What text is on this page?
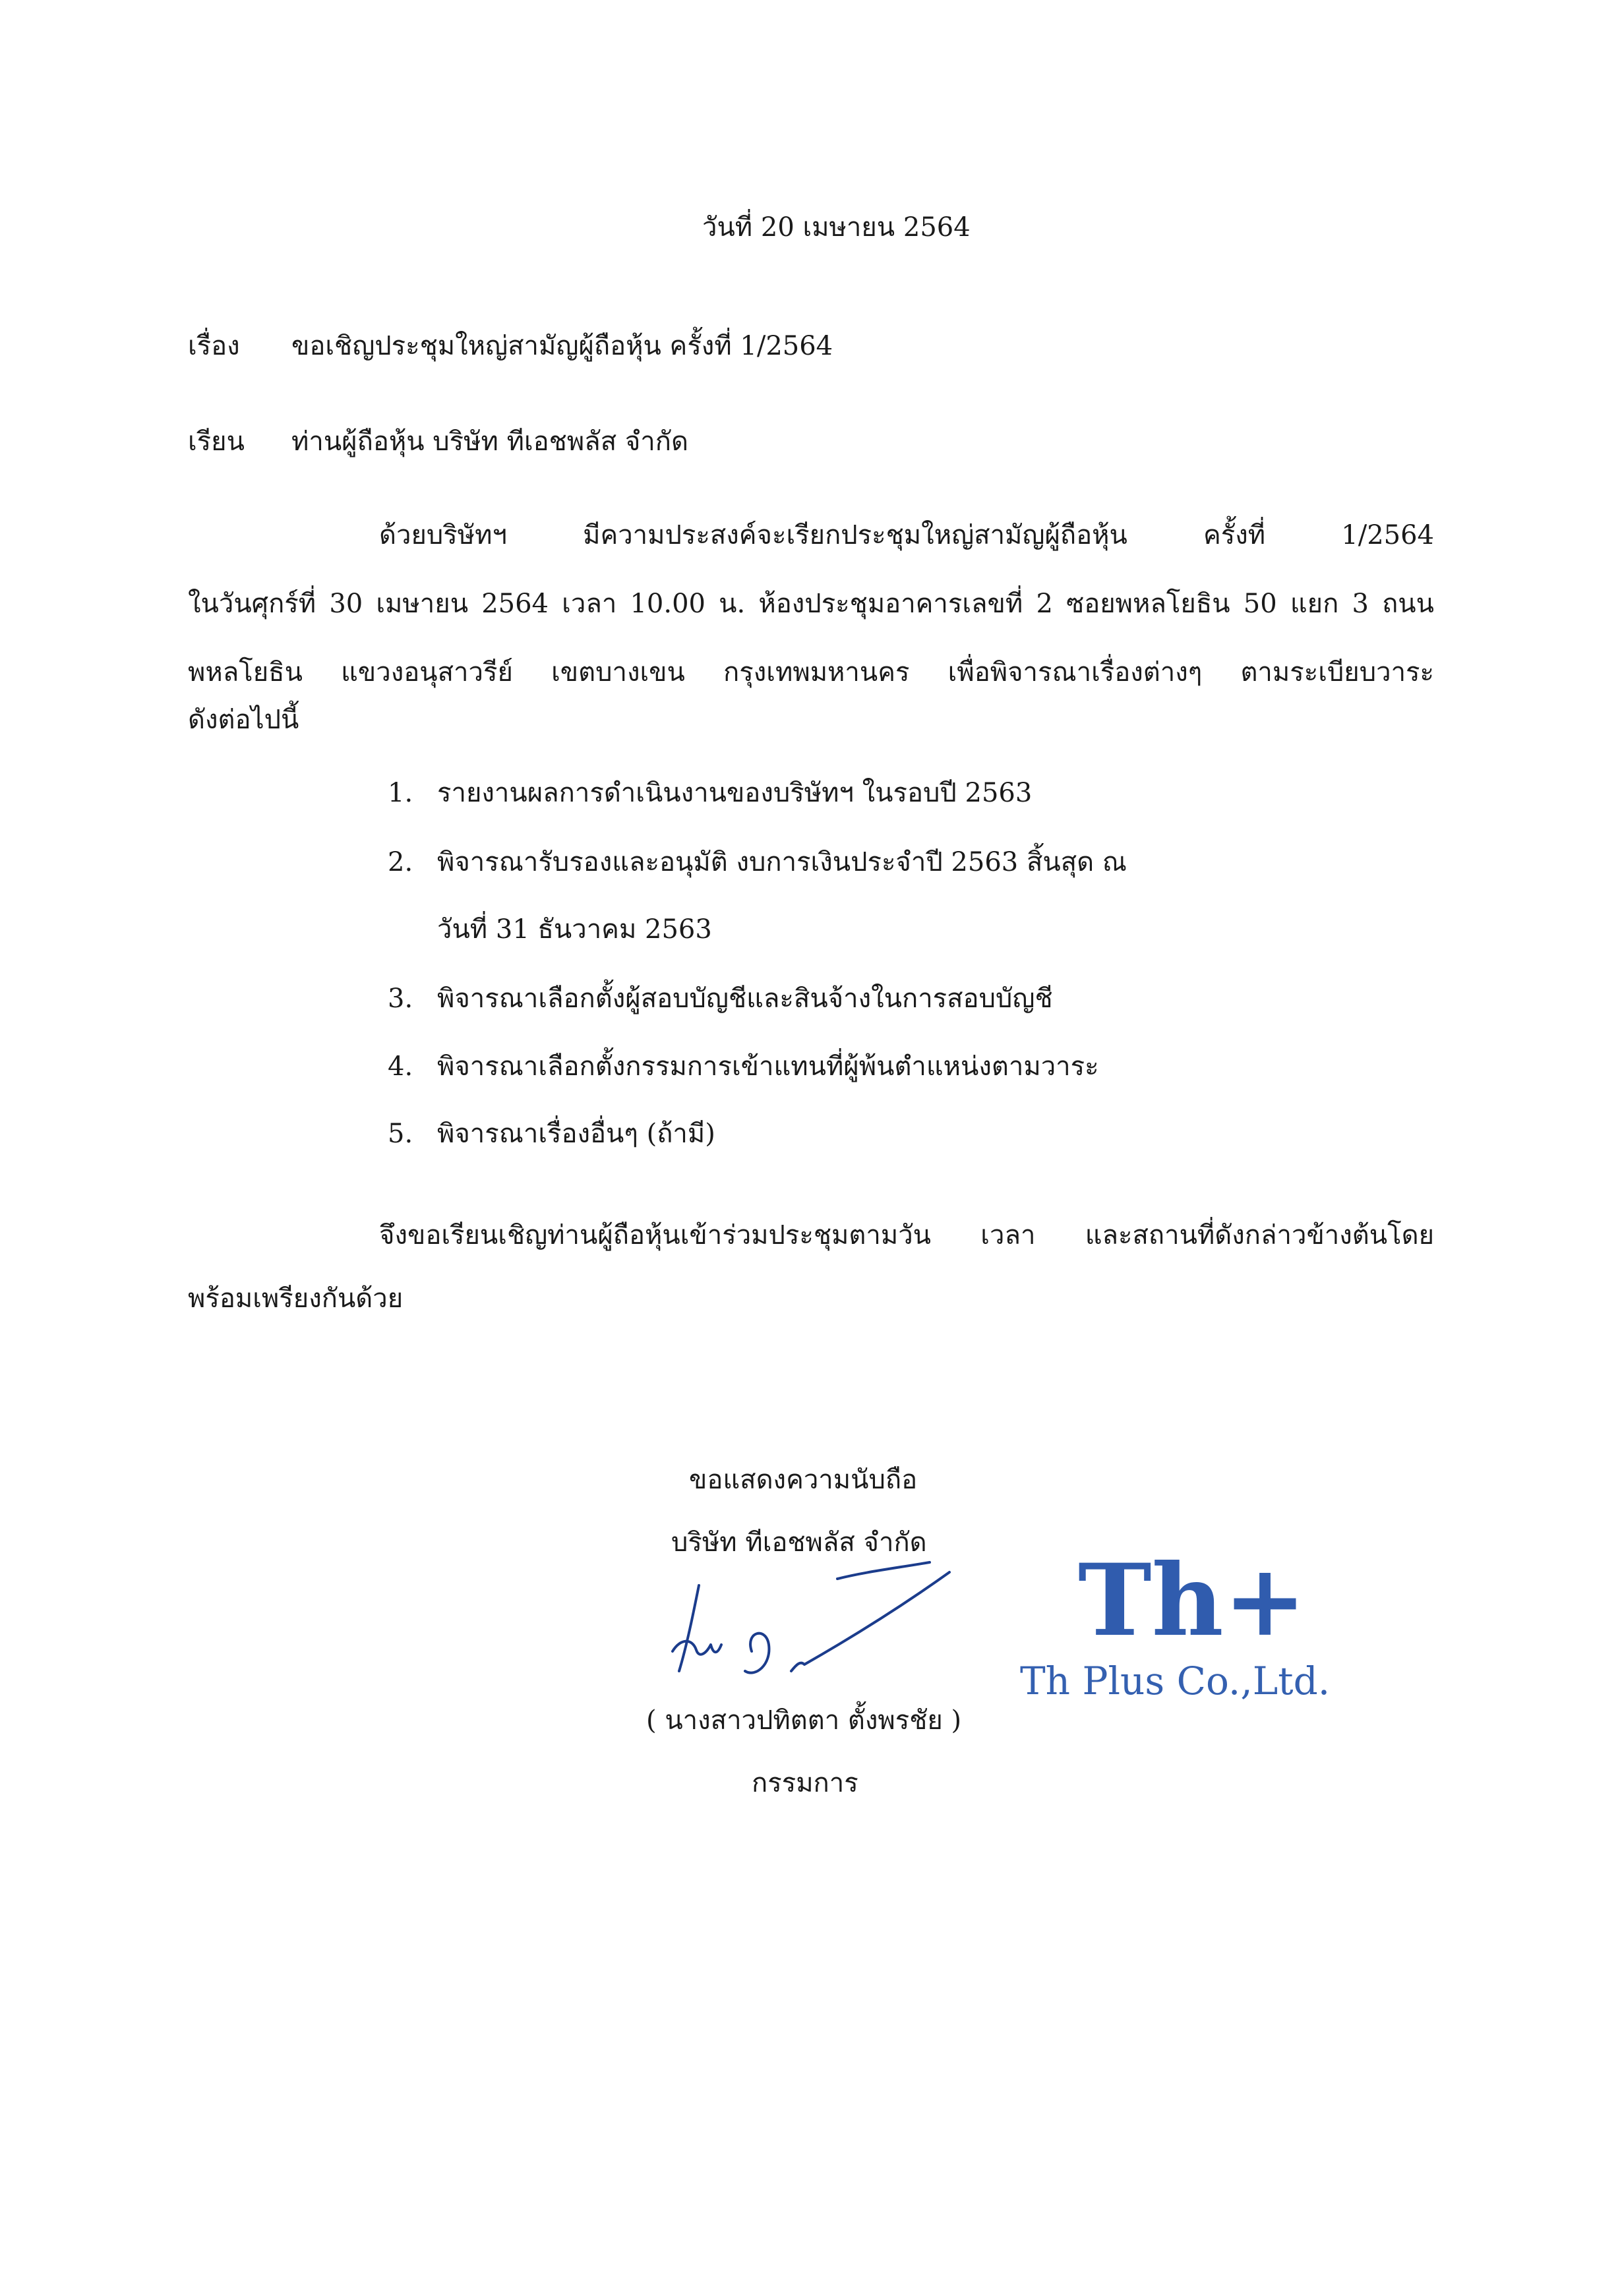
วันที่ 20 เมษายน 2564
เรื่อง ขอเชิญประชุมใหญ่สามัญผู้ถือหุ้น ครั้งที่ 1/2564
เรียน ท่านผู้ถือหุ้น บริษัท ทีเอชพลัส จำกัด
ด้วยบริษัทฯ มีความประสงค์จะเรียกประชุมใหญ่สามัญผู้ถือหุ้น ครั้งที่ 1/2564
ในวันศุกร์ที่ 30 เมษายน 2564 เวลา 10.00 น. ห้องประชุมอาคารเลขที่ 2 ซอยพหลโยธิน 50 แยก 3 ถนน
พหลโยธิน แขวงอนุสาวรีย์ เขตบางเขน กรุงเทพมหานคร เพื่อพิจารณาเรื่องต่างๆ ตามระเบียบวาระ
ดังต่อไปนี้
1. รายงานผลการดำเนินงานของบริษัทฯ ในรอบปี 2563
2. พิจารณารับรองและอนุมัติ งบการเงินประจำปี 2563 สิ้นสุด ณ
วันที่ 31 ธันวาคม 2563
3. พิจารณาเลือกตั้งผู้สอบบัญชีและสินจ้างในการสอบบัญชี
4. พิจารณาเลือกตั้งกรรมการเข้าแทนที่ผู้พ้นตำแหน่งตามวาระ
5. พิจารณาเรื่องอื่นๆ (ถ้ามี)
จึงขอเรียนเชิญท่านผู้ถือหุ้นเข้าร่วมประชุมตามวัน เวลา และสถานที่ดังกล่าวข้างต้นโดย
พร้อมเพรียงกันด้วย
ขอแสดงความนับถือ
บริษัท ทีเอชพลัส จำกัด
( นางสาวปทิตตา ตั้งพรชัย )
กรรมการ
Th+
Th Plus Co.,Ltd.
